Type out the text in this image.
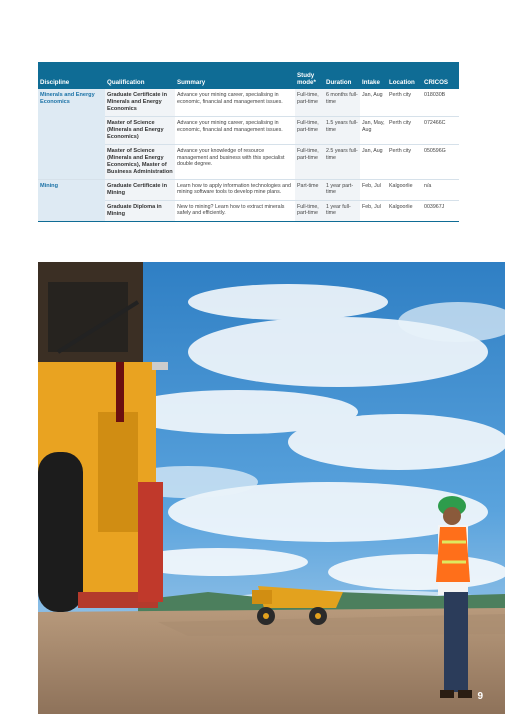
Discipline	Qualification	Summary	Study mode*	Duration	Intake	Location	CRICOS
Minerals and Energy Economics	Graduate Certificate in Minerals and Energy Economics	Advance your mining career, specialising in economic, financial and management issues.	Full-time, part-time	6 months full-time	Jan, Aug	Perth city	018030B
	Master of Science (Minerals and Energy Economics)	Advance your mining career, specialising in economic, financial and management issues.	Full-time, part-time	1.5 years full-time	Jan, May, Aug	Perth city	072466C
	Master of Science (Minerals and Energy Economics), Master of Business Administration	Advance your knowledge of resource management and business with this specialist double degree.	Full-time, part-time	2.5 years full-time	Jan, Aug	Perth city	050596G
Mining	Graduate Certificate in Mining	Learn how to apply information technologies and mining software tools to develop mine plans.	Part-time	1 year part-time	Feb, Jul	Kalgoorlie	n/a
	Graduate Diploma in Mining	New to mining? Learn how to extract minerals safely and efficiently.	Full-time, part-time	1 year full-time	Feb, Jul	Kalgoorlie	003967J
9
